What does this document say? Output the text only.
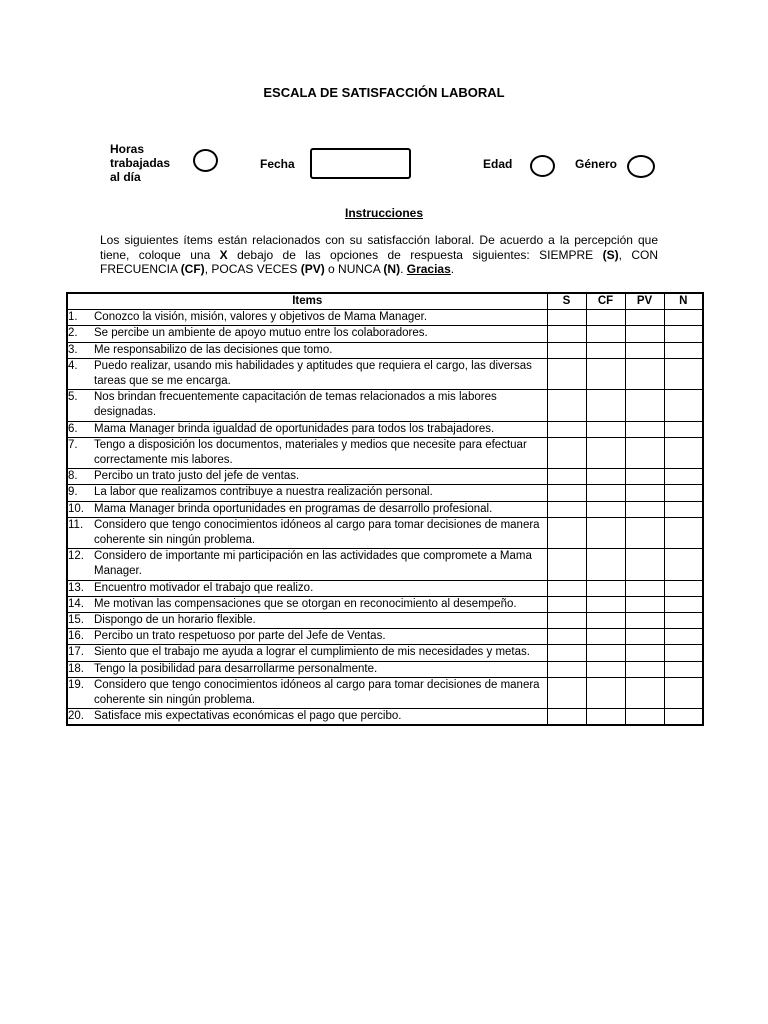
ESCALA DE SATISFACCIÓN LABORAL
Horas trabajadas al día
Fecha	Edad	Género
Instrucciones
Los siguientes ítems están relacionados con su satisfacción laboral. De acuerdo a la percepción que tiene, coloque una X debajo de las opciones de respuesta siguientes: SIEMPRE (S), CON FRECUENCIA (CF), POCAS VECES (PV) o NUNCA (N). Gracias.
Items	S	CF	PV	N

1. Conozco la visión, misión, valores y objetivos de Mama Manager.				

2. Se percibe un ambiente de apoyo mutuo entre los colaboradores.				

3. Me responsabilizo de las decisiones que tomo.				

4. Puedo realizar, usando mis habilidades y aptitudes que requiera el cargo, las diversas tareas que se me encarga.				

5. Nos brindan frecuentemente capacitación de temas relacionados a mis labores designadas.				

6. Mama Manager brinda igualdad de oportunidades para todos los trabajadores.				

7. Tengo a disposición los documentos, materiales y medios que necesite para efectuar correctamente mis labores.				

8. Percibo un trato justo del jefe de ventas.				

9. La labor que realizamos contribuye a nuestra realización personal.				

10. Mama Manager brinda oportunidades en programas de desarrollo profesional.				

11. Considero que tengo conocimientos idóneos al cargo para tomar decisiones de manera coherente sin ningún problema.				

12. Considero de importante mi participación en las actividades que compromete a Mama Manager.				

13. Encuentro motivador el trabajo que realizo.				

14. Me motivan las compensaciones que se otorgan en reconocimiento al desempeño.				

15. Dispongo de un horario flexible.				

16. Percibo un trato respetuoso por parte del Jefe de Ventas.				

17. Siento que el trabajo me ayuda a lograr el cumplimiento de mis necesidades y metas.				

18. Tengo la posibilidad para desarrollarme personalmente.				

19. Considero que tengo conocimientos idóneos al cargo para tomar decisiones de manera coherente sin ningún problema.				

20. Satisface mis expectativas económicas el pago que percibo.				
